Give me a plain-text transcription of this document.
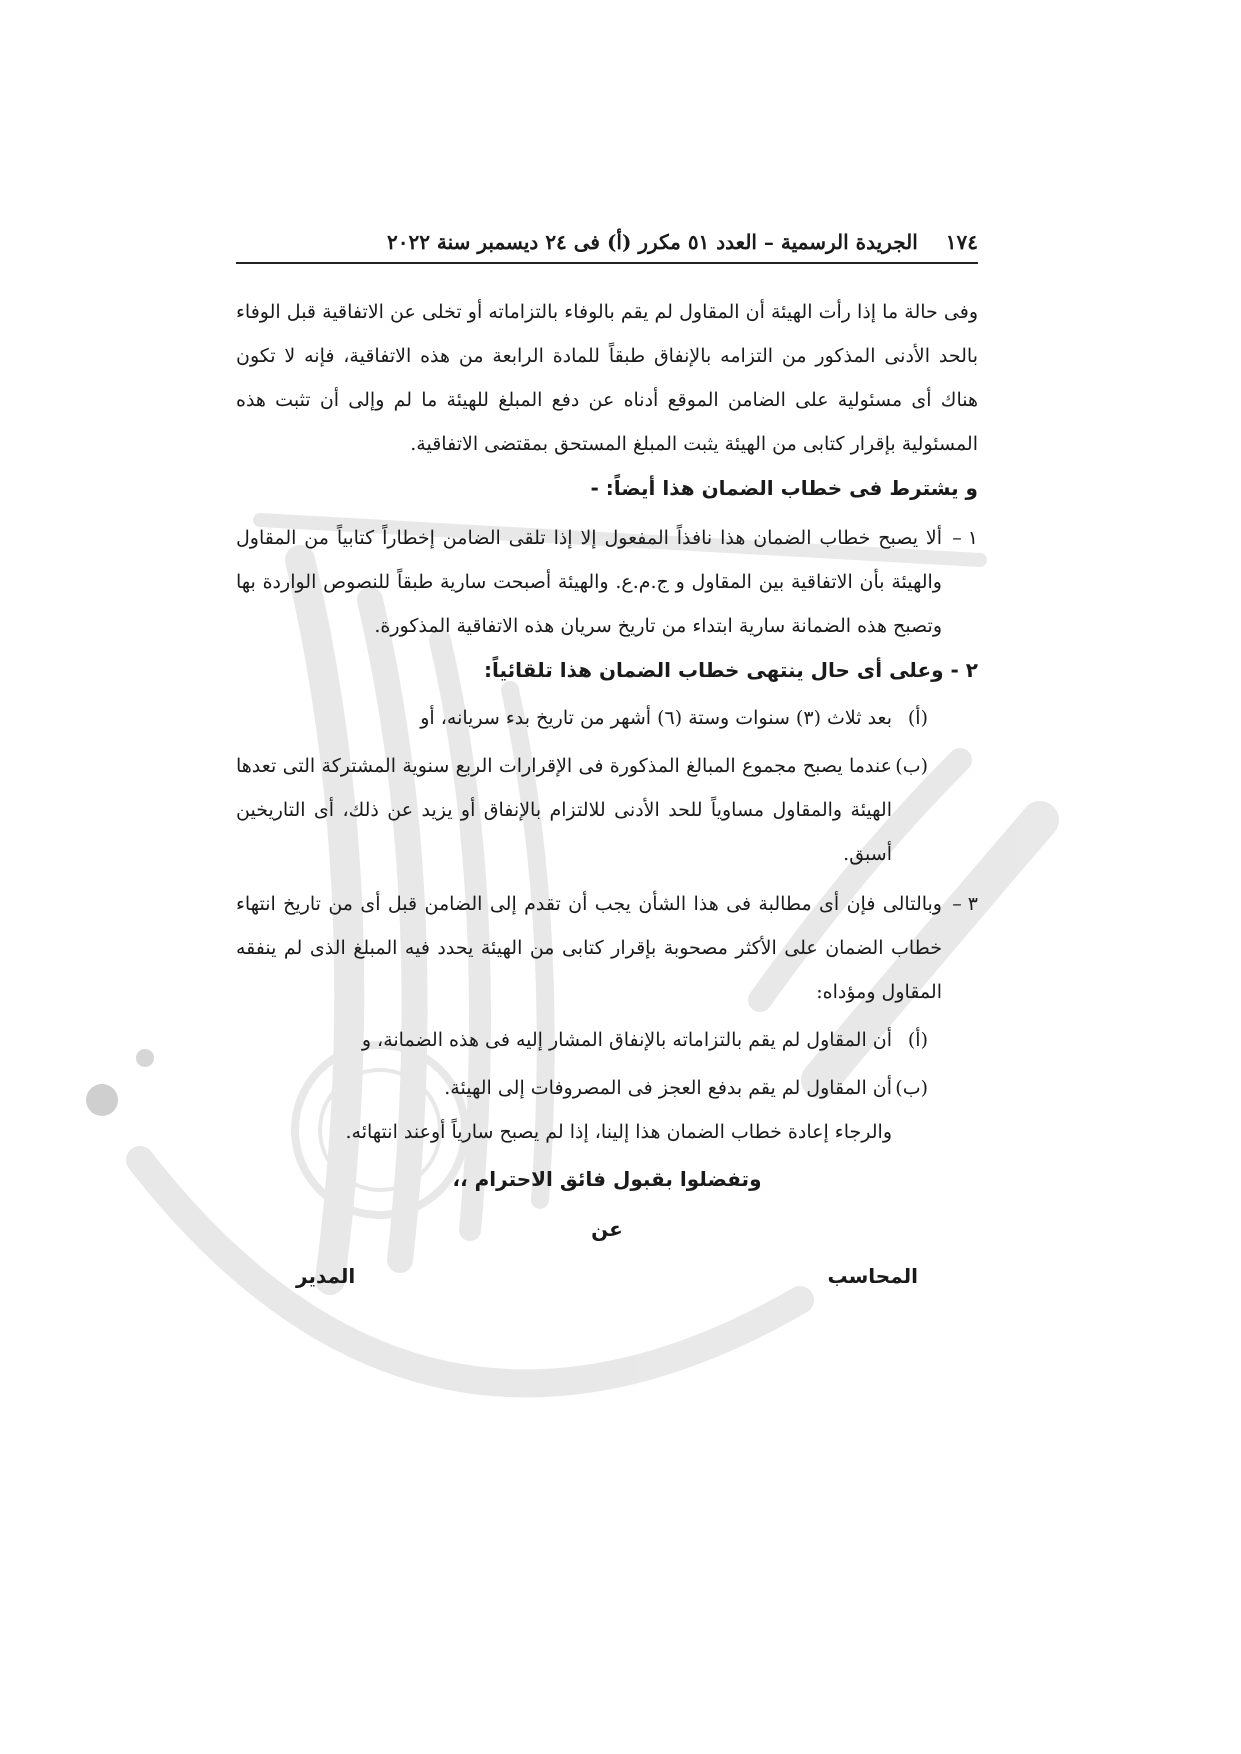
١٧٤
الجريدة الرسمية – العدد ٥١ مكرر (أ) فى ٢٤ ديسمبر سنة ٢٠٢٢

وفى حالة ما إذا رأت الهيئة أن المقاول لم يقم بالوفاء بالتزاماته أو تخلى عن الاتفاقية قبل الوفاء بالحد الأدنى المذكور من التزامه بالإنفاق طبقاً للمادة الرابعة من هذه الاتفاقية، فإنه لا تكون هناك أى مسئولية على الضامن الموقع أدناه عن دفع المبلغ للهيئة ما لم وإلى أن تثبت هذه المسئولية بإقرار كتابى من الهيئة يثبت المبلغ المستحق بمقتضى الاتفاقية.

و يشترط فى خطاب الضمان هذا أيضاً: -

١ –
ألا يصبح خطاب الضمان هذا نافذاً المفعول إلا إذا تلقى الضامن إخطاراً كتابياً من المقاول والهيئة بأن الاتفاقية بين المقاول و ج.م.ع. والهيئة أصبحت سارية طبقاً للنصوص الواردة بها وتصبح هذه الضمانة سارية ابتداء من تاريخ سريان هذه الاتفاقية المذكورة.

٢ - وعلى أى حال ينتهى خطاب الضمان هذا تلقائياً:

(أ)
بعد ثلاث (٣) سنوات وستة (٦) أشهر من تاريخ بدء سريانه، أو
(ب)
عندما يصبح مجموع المبالغ المذكورة فى الإقرارات الربع سنوية المشتركة التى تعدها الهيئة والمقاول مساوياً للحد الأدنى للالتزام بالإنفاق أو يزيد عن ذلك، أى التاريخين أسبق.
٣ –
وبالتالى فإن أى مطالبة فى هذا الشأن يجب أن تقدم إلى الضامن قبل أى من تاريخ انتهاء خطاب الضمان على الأكثر مصحوبة بإقرار كتابى من الهيئة يحدد فيه المبلغ الذى لم ينفقه المقاول ومؤداه:
(أ)
أن المقاول لم يقم بالتزاماته بالإنفاق المشار إليه فى هذه الضمانة، و
(ب)
أن المقاول لم يقم بدفع العجز فى المصروفات إلى الهيئة.

والرجاء إعادة خطاب الضمان هذا إلينا، إذا لم يصبح سارياً أوعند انتهائه.

وتفضلوا بقبول فائق الاحترام ،،

عن

المحاسب
المدير
